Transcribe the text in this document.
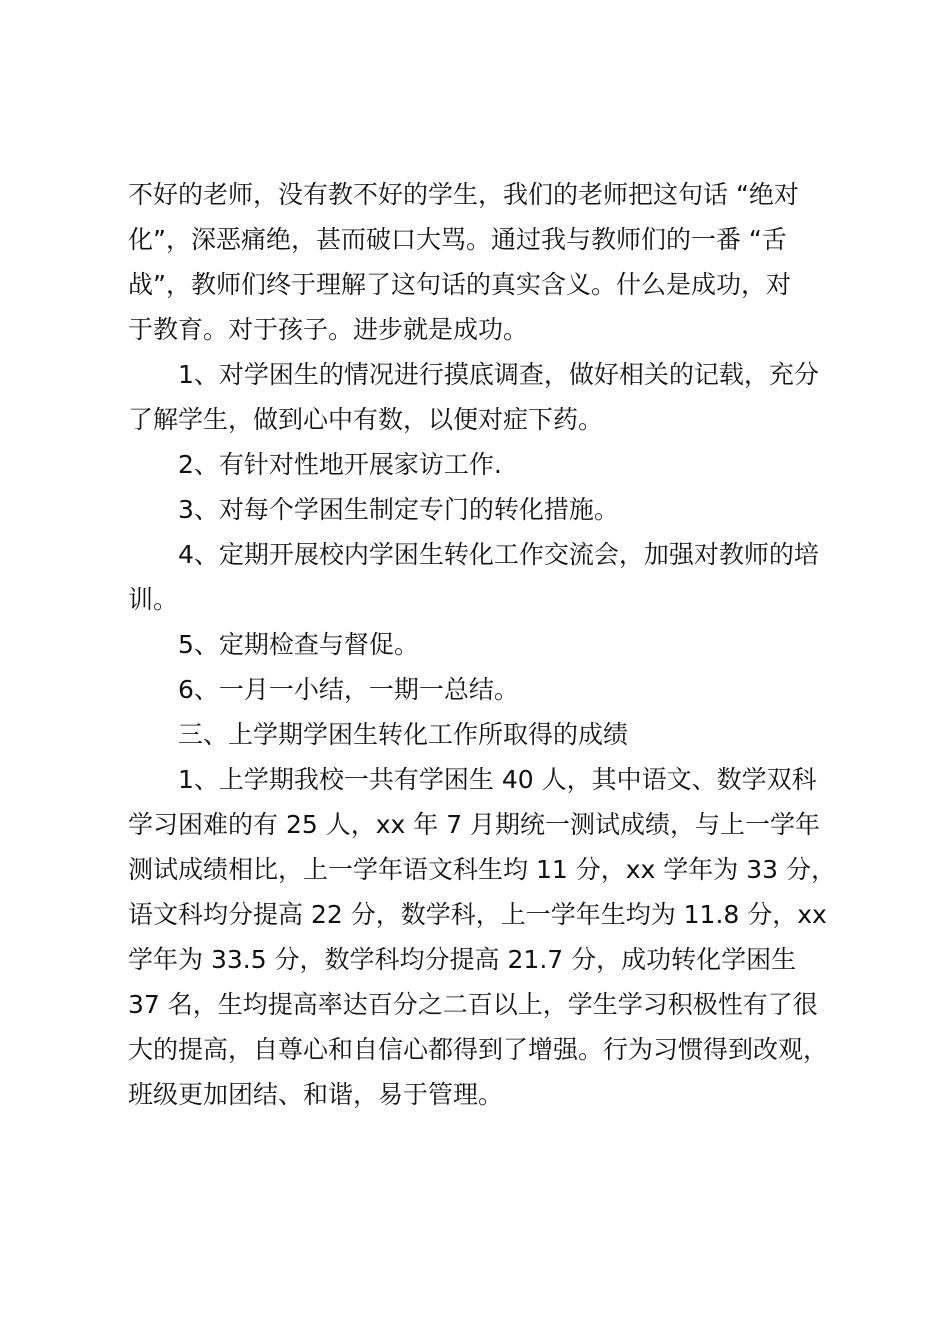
不好的老师，没有教不好的学生，我们的老师把这句话 “绝对
化”，深恶痛绝，甚而破口大骂。通过我与教师们的一番 “舌
战”，教师们终于理解了这句话的真实含义。什么是成功，对
于教育。对于孩子。进步就是成功。
　　1、对学困生的情况进行摸底调查，做好相关的记载，充分
了解学生，做到心中有数，以便对症下药。
　　2、有针对性地开展家访工作.
　　3、对每个学困生制定专门的转化措施。
　　4、定期开展校内学困生转化工作交流会，加强对教师的培
训。
　　5、定期检查与督促。
　　6、一月一小结，一期一总结。
　　三、上学期学困生转化工作所取得的成绩
　　1、上学期我校一共有学困生 40 人，其中语文、数学双科
学习困难的有 25 人，xx 年 7 月期统一测试成绩，与上一学年
测试成绩相比，上一学年语文科生均 11 分，xx 学年为 33 分，
语文科均分提高 22 分，数学科，上一学年生均为 11.8 分，xx
学年为 33.5 分，数学科均分提高 21.7 分，成功转化学困生
37 名，生均提高率达百分之二百以上，学生学习积极性有了很
大的提高，自尊心和自信心都得到了增强。行为习惯得到改观，
班级更加团结、和谐，易于管理。
